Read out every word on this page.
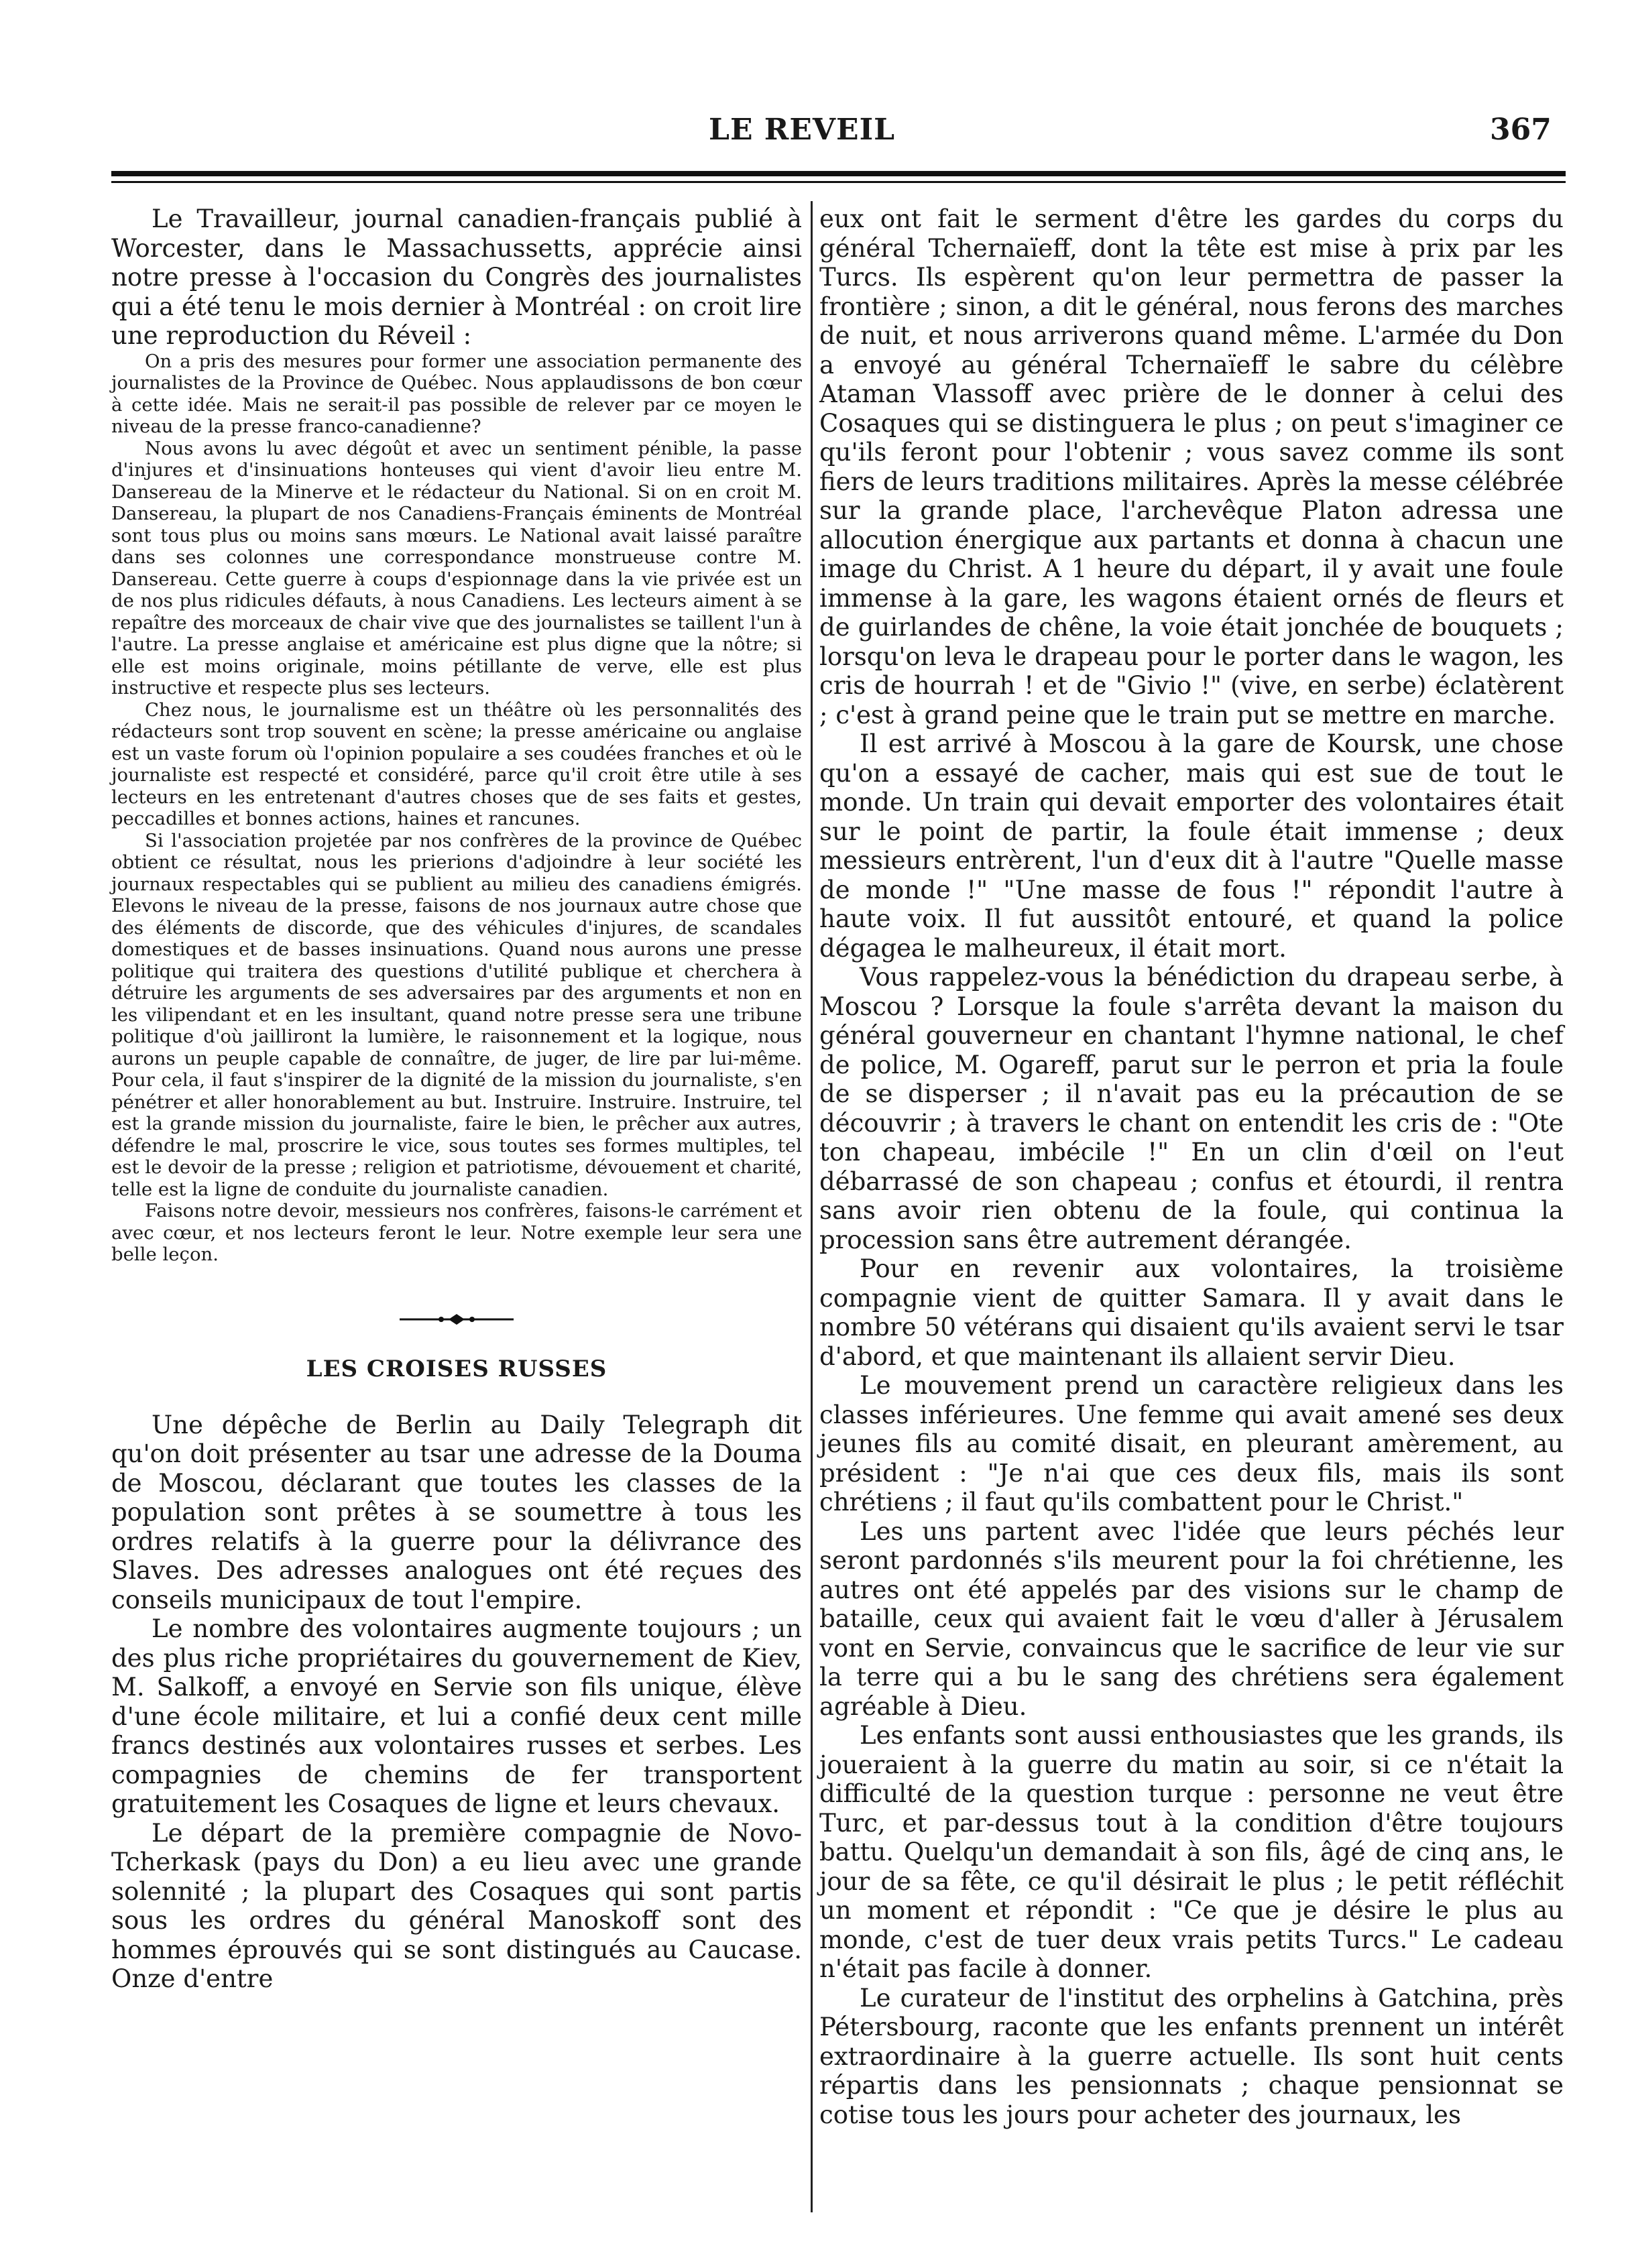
LE REVEIL	367

Le Travailleur, journal canadien-français publié à Worcester, dans le Massachussetts, apprécie ainsi notre presse à l'occasion du Congrès des journalistes qui a été tenu le mois dernier à Montréal : on croit lire une reproduction du Réveil :

On a pris des mesures pour former une association permanente des journalistes de la Province de Québec. Nous applaudissons de bon cœur à cette idée. Mais ne serait-il pas possible de relever par ce moyen le niveau de la presse franco-canadienne?

Nous avons lu avec dégoût et avec un sentiment pénible, la passe d'injures et d'insinuations honteuses qui vient d'avoir lieu entre M. Dansereau de la Minerve et le rédacteur du National. Si on en croit M. Dansereau, la plupart de nos Canadiens-Français éminents de Montréal sont tous plus ou moins sans mœurs. Le National avait laissé paraître dans ses colonnes une correspondance monstrueuse contre M. Dansereau. Cette guerre à coups d'espionnage dans la vie privée est un de nos plus ridicules défauts, à nous Canadiens. Les lecteurs aiment à se repaître des morceaux de chair vive que des journalistes se taillent l'un à l'autre. La presse anglaise et américaine est plus digne que la nôtre; si elle est moins originale, moins pétillante de verve, elle est plus instructive et respecte plus ses lecteurs.

Chez nous, le journalisme est un théâtre où les personnalités des rédacteurs sont trop souvent en scène; la presse américaine ou anglaise est un vaste forum où l'opinion populaire a ses coudées franches et où le journaliste est respecté et considéré, parce qu'il croit être utile à ses lecteurs en les entretenant d'autres choses que de ses faits et gestes, peccadilles et bonnes actions, haines et rancunes.

Si l'association projetée par nos confrères de la province de Québec obtient ce résultat, nous les prierions d'adjoindre à leur société les journaux respectables qui se publient au milieu des canadiens émigrés. Elevons le niveau de la presse, faisons de nos journaux autre chose que des éléments de discorde, que des véhicules d'injures, de scandales domestiques et de basses insinuations. Quand nous aurons une presse politique qui traitera des questions d'utilité publique et cherchera à détruire les arguments de ses adversaires par des arguments et non en les vilipendant et en les insultant, quand notre presse sera une tribune politique d'où jailliront la lumière, le raisonnement et la logique, nous aurons un peuple capable de connaître, de juger, de lire par lui-même. Pour cela, il faut s'inspirer de la dignité de la mission du journaliste, s'en pénétrer et aller honorablement au but. Instruire. Instruire. Instruire, tel est la grande mission du journaliste, faire le bien, le prêcher aux autres, défendre le mal, proscrire le vice, sous toutes ses formes multiples, tel est le devoir de la presse ; religion et patriotisme, dévouement et charité, telle est la ligne de conduite du journaliste canadien.

Faisons notre devoir, messieurs nos confrères, faisons-le carrément et avec cœur, et nos lecteurs feront le leur. Notre exemple leur sera une belle leçon.

LES CROISES RUSSES

Une dépêche de Berlin au Daily Telegraph dit qu'on doit présenter au tsar une adresse de la Douma de Moscou, déclarant que toutes les classes de la population sont prêtes à se soumettre à tous les ordres relatifs à la guerre pour la délivrance des Slaves. Des adresses analogues ont été reçues des conseils municipaux de tout l'empire.

Le nombre des volontaires augmente toujours ; un des plus riche propriétaires du gouvernement de Kiev, M. Salkoff, a envoyé en Servie son fils unique, élève d'une école militaire, et lui a confié deux cent mille francs destinés aux volontaires russes et serbes. Les compagnies de chemins de fer transportent gratuitement les Cosaques de ligne et leurs chevaux.

Le départ de la première compagnie de Novo-Tcherkask (pays du Don) a eu lieu avec une grande solennité ; la plupart des Cosaques qui sont partis sous les ordres du général Manoskoff sont des hommes éprouvés qui se sont distingués au Caucase. Onze d'entre

eux ont fait le serment d'être les gardes du corps du général Tchernaïeff, dont la tête est mise à prix par les Turcs. Ils espèrent qu'on leur permettra de passer la frontière ; sinon, a dit le général, nous ferons des marches de nuit, et nous arriverons quand même. L'armée du Don a envoyé au général Tchernaïeff le sabre du célèbre Ataman Vlassoff avec prière de le donner à celui des Cosaques qui se distinguera le plus ; on peut s'imaginer ce qu'ils feront pour l'obtenir ; vous savez comme ils sont fiers de leurs traditions militaires. Après la messe célébrée sur la grande place, l'archevêque Platon adressa une allocution énergique aux partants et donna à chacun une image du Christ. A 1 heure du départ, il y avait une foule immense à la gare, les wagons étaient ornés de fleurs et de guirlandes de chêne, la voie était jonchée de bouquets ; lorsqu'on leva le drapeau pour le porter dans le wagon, les cris de hourrah ! et de "Givio !" (vive, en serbe) éclatèrent ; c'est à grand peine que le train put se mettre en marche.

Il est arrivé à Moscou à la gare de Koursk, une chose qu'on a essayé de cacher, mais qui est sue de tout le monde. Un train qui devait emporter des volontaires était sur le point de partir, la foule était immense ; deux messieurs entrèrent, l'un d'eux dit à l'autre "Quelle masse de monde !" "Une masse de fous !" répondit l'autre à haute voix. Il fut aussitôt entouré, et quand la police dégagea le malheureux, il était mort.

Vous rappelez-vous la bénédiction du drapeau serbe, à Moscou ? Lorsque la foule s'arrêta devant la maison du général gouverneur en chantant l'hymne national, le chef de police, M. Ogareff, parut sur le perron et pria la foule de se disperser ; il n'avait pas eu la précaution de se découvrir ; à travers le chant on entendit les cris de : "Ote ton chapeau, imbécile !" En un clin d'œil on l'eut débarrassé de son chapeau ; confus et étourdi, il rentra sans avoir rien obtenu de la foule, qui continua la procession sans être autrement dérangée.

Pour en revenir aux volontaires, la troisième compagnie vient de quitter Samara. Il y avait dans le nombre 50 vétérans qui disaient qu'ils avaient servi le tsar d'abord, et que maintenant ils allaient servir Dieu.

Le mouvement prend un caractère religieux dans les classes inférieures. Une femme qui avait amené ses deux jeunes fils au comité disait, en pleurant amèrement, au président : "Je n'ai que ces deux fils, mais ils sont chrétiens ; il faut qu'ils combattent pour le Christ."

Les uns partent avec l'idée que leurs péchés leur seront pardonnés s'ils meurent pour la foi chrétienne, les autres ont été appelés par des visions sur le champ de bataille, ceux qui avaient fait le vœu d'aller à Jérusalem vont en Servie, convaincus que le sacrifice de leur vie sur la terre qui a bu le sang des chrétiens sera également agréable à Dieu.

Les enfants sont aussi enthousiastes que les grands, ils joueraient à la guerre du matin au soir, si ce n'était la difficulté de la question turque : personne ne veut être Turc, et par-dessus tout à la condition d'être toujours battu. Quelqu'un demandait à son fils, âgé de cinq ans, le jour de sa fête, ce qu'il désirait le plus ; le petit réfléchit un moment et répondit : "Ce que je désire le plus au monde, c'est de tuer deux vrais petits Turcs." Le cadeau n'était pas facile à donner.

Le curateur de l'institut des orphelins à Gatchina, près Pétersbourg, raconte que les enfants prennent un intérêt extraordinaire à la guerre actuelle. Ils sont huit cents répartis dans les pensionnats ; chaque pensionnat se cotise tous les jours pour acheter des journaux, les
